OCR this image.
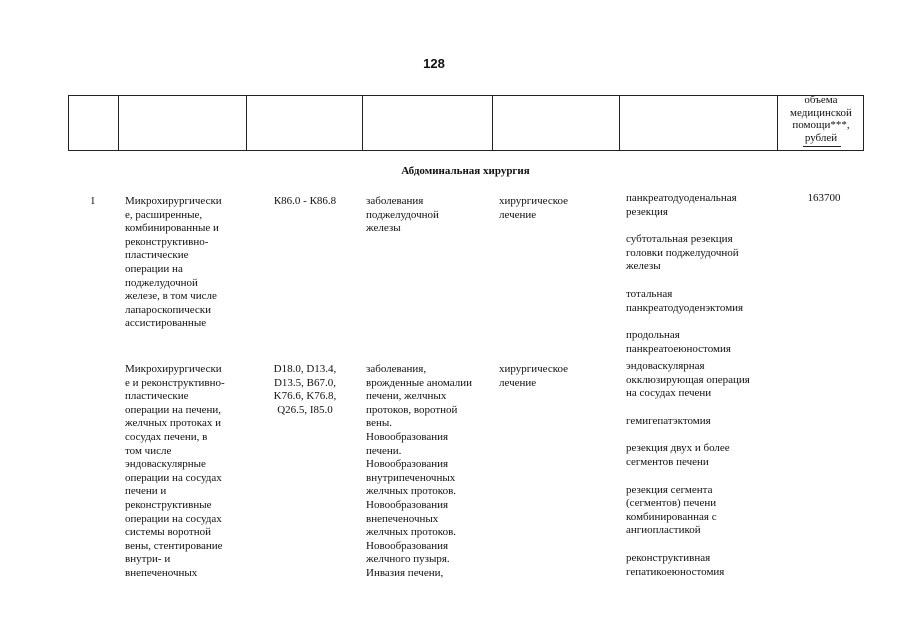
128
объема
медицинской
помощи***,
рублей
Абдоминальная хирургия
1	Микрохирургически
е, расширенные,
комбинированные и
реконструктивно-
пластические
операции на
поджелудочной
железе, в том числе
лапароскопически
ассистированные
К86.0 - К86.8	заболевания
поджелудочной
железы
хирургическое
лечение
163700
панкреатодуоденальная
резекция
субтотальная резекция
головки поджелудочной
железы
тотальная
панкреатодуоденэктомия
продольная
панкреатоеюностомия
Микрохирургически
е и реконструктивно-
пластические
операции на печени,
желчных протоках и
сосудах печени, в
том числе
эндоваскулярные
операции на сосудах
печени и
реконструктивные
операции на сосудах
системы воротной
вены, стентирование
внутри- и
внепеченочных
D18.0, D13.4,
D13.5, B67.0,
K76.6, K76.8,
Q26.5, I85.0
заболевания,
врожденные аномалии
печени, желчных
протоков, воротной
вены.
Новообразования
печени.
Новообразования
внутрипеченочных
желчных протоков.
Новообразования
внепеченочных
желчных протоков.
Новообразования
желчного пузыря.
Инвазия печени,
хирургическое
лечение
эндоваскулярная
окклюзирующая операция
на сосудах печени
гемигепатэктомия
резекция двух и более
сегментов печени
резекция сегмента
(сегментов) печени
комбинированная с
ангиопластикой
реконструктивная
гепатикоеюностомия
